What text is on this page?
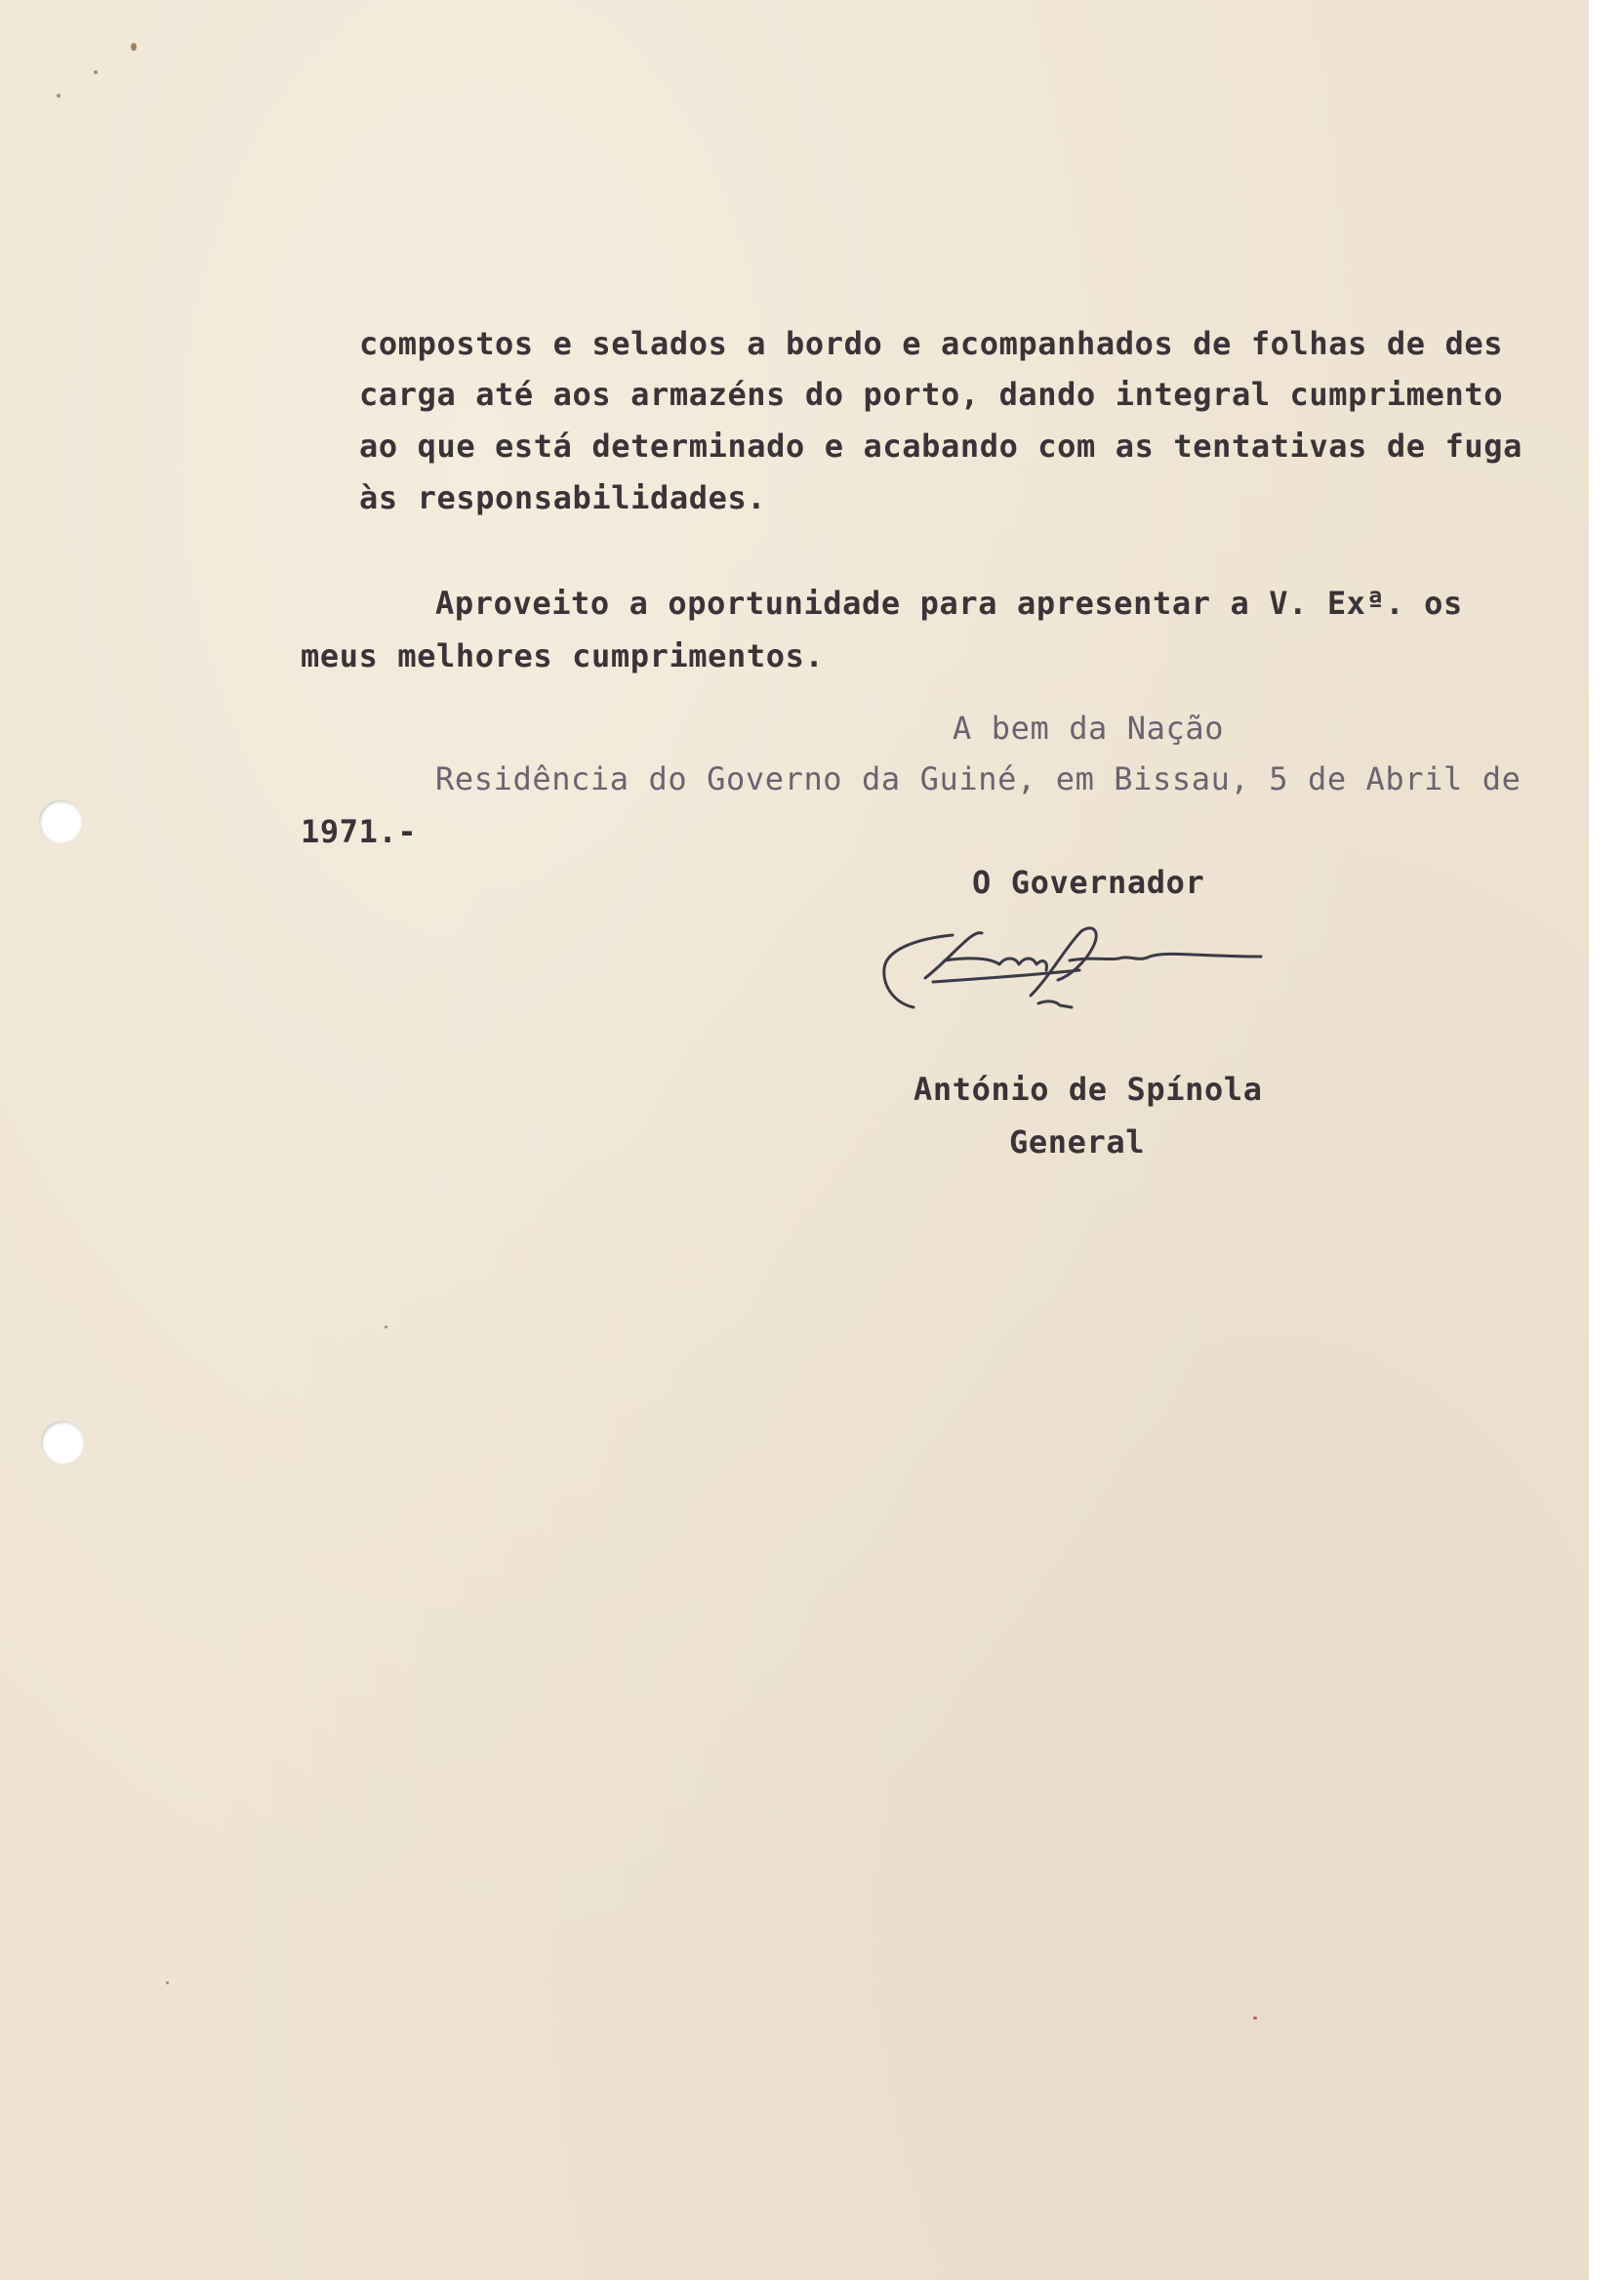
compostos e selados a bordo e acompanhados de folhas de des
carga até aos armazéns do porto, dando integral cumprimento
ao que está determinado e acabando com as tentativas de fuga
às responsabilidades.
Aproveito a oportunidade para apresentar a V. Exª. os
meus melhores cumprimentos.
A bem da Nação
Residência do Governo da Guiné, em Bissau, 5 de Abril de
1971.-
O Governador
António de Spínola
General
